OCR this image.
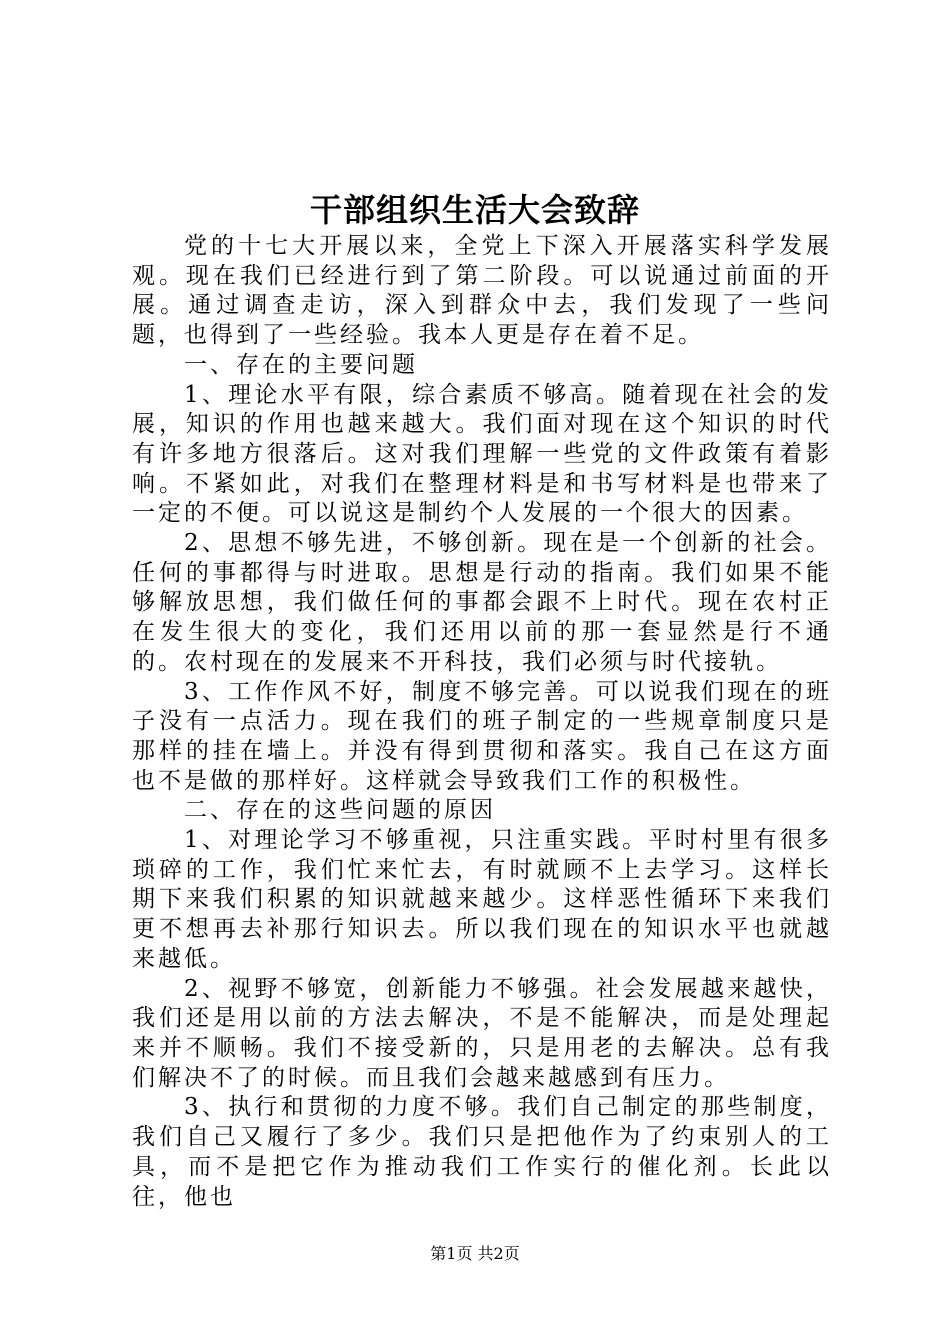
干部组织生活大会致辞

党的十七大开展以来，全党上下深入开展落实科学发展观。现在我们已经进行到了第二阶段。可以说通过前面的开展。通过调查走访，深入到群众中去，我们发现了一些问题，也得到了一些经验。我本人更是存在着不足。

一、存在的主要问题

1、理论水平有限，综合素质不够高。随着现在社会的发展，知识的作用也越来越大。我们面对现在这个知识的时代有许多地方很落后。这对我们理解一些党的文件政策有着影响。不紧如此，对我们在整理材料是和书写材料是也带来了一定的不便。可以说这是制约个人发展的一个很大的因素。

2、思想不够先进，不够创新。现在是一个创新的社会。任何的事都得与时进取。思想是行动的指南。我们如果不能够解放思想，我们做任何的事都会跟不上时代。现在农村正在发生很大的变化，我们还用以前的那一套显然是行不通的。农村现在的发展来不开科技，我们必须与时代接轨。

3、工作作风不好，制度不够完善。可以说我们现在的班子没有一点活力。现在我们的班子制定的一些规章制度只是那样的挂在墙上。并没有得到贯彻和落实。我自己在这方面也不是做的那样好。这样就会导致我们工作的积极性。

二、存在的这些问题的原因

1、对理论学习不够重视，只注重实践。平时村里有很多琐碎的工作，我们忙来忙去，有时就顾不上去学习。这样长期下来我们积累的知识就越来越少。这样恶性循环下来我们更不想再去补那行知识去。所以我们现在的知识水平也就越来越低。

2、视野不够宽，创新能力不够强。社会发展越来越快，我们还是用以前的方法去解决，不是不能解决，而是处理起来并不顺畅。我们不接受新的，只是用老的去解决。总有我们解决不了的时候。而且我们会越来越感到有压力。

3、执行和贯彻的力度不够。我们自己制定的那些制度，我们自己又履行了多少。我们只是把他作为了约束别人的工具，而不是把它作为推动我们工作实行的催化剂。长此以往，他也

第1页 共2页
